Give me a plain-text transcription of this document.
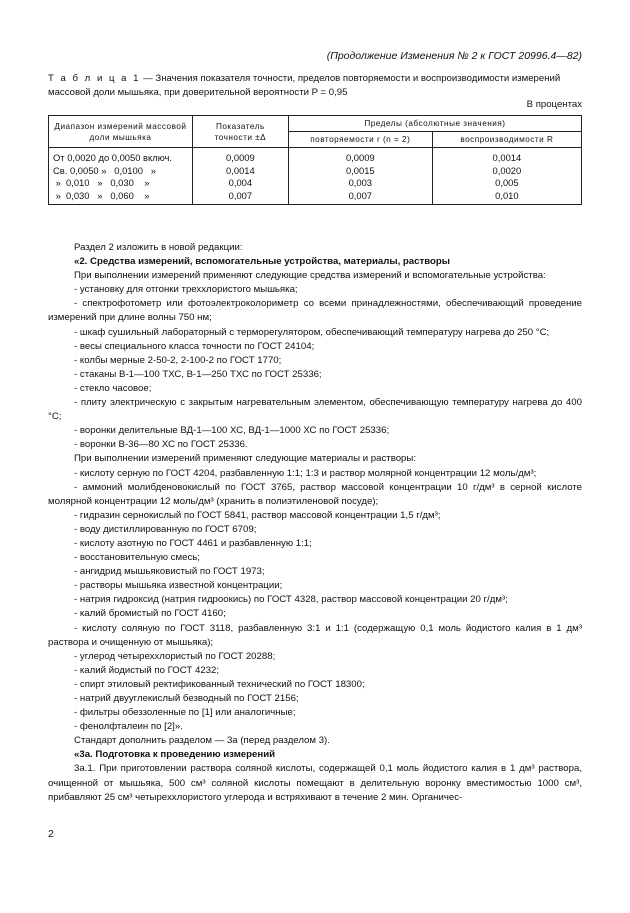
(Продолжение Изменения № 2 к ГОСТ 20996.4—82)
Т а б л и ц а 1 — Значения показателя точности, пределов повторяемости и воспроизводимости измерений массовой доли мышьяка, при доверительной вероятности P = 0,95
В процентах
Диапазон измерений массовой доли мышьяка	Показатель точности ±Δ	Пределы (абсолютные значения)	
		повторяемости r (n = 2)	воспроизводимости R
От 0,0020 до 0,0050 включ.	0,0009	0,0009	0,0014
Св. 0,0050 »   0,0100   »	0,0014	0,0015	0,0020
»  0,010   »   0,030    »	0,004	0,003	0,005
»  0,030   »   0,060    »	0,007	0,007	0,010

Раздел 2 изложить в новой редакции:

«2. Средства измерений, вспомогательные устройства, материалы, растворы

При выполнении измерений применяют следующие средства измерений и вспомогательные устройства:

- установку для отгонки треххлористого мышьяка;

- спектрофотометр или фотоэлектроколориметр со всеми принадлежностями, обеспечивающий проведение измерений при длине волны 750 нм;

- шкаф сушильный лабораторный с терморегулятором, обеспечивающий температуру нагрева до 250 °С;

- весы специального класса точности по ГОСТ 24104;

- колбы мерные 2-50-2, 2-100-2 по ГОСТ 1770;

- стаканы В-1—100 ТХС, В-1—250 ТХС по ГОСТ 25336;

- стекло часовое;

- плиту электрическую с закрытым нагревательным элементом, обеспечивающую температуру нагрева до 400 °С;

- воронки делительные ВД-1—100 ХС, ВД-1—1000 ХС по ГОСТ 25336;

- воронки В-36—80 ХС по ГОСТ 25336.

При выполнении измерений применяют следующие материалы и растворы:

- кислоту серную по ГОСТ 4204, разбавленную 1:1; 1:3 и раствор молярной концентрации 12 моль/дм³;

- аммоний молибденовокислый по ГОСТ 3765, раствор массовой концентрации 10 г/дм³ в серной кислоте молярной концентрации 12 моль/дм³ (хранить в полиэтиленовой посуде);

- гидразин сернокислый по ГОСТ 5841, раствор массовой концентрации 1,5 г/дм³;

- воду дистиллированную по ГОСТ 6709;

- кислоту азотную по ГОСТ 4461 и разбавленную 1:1;

- восстановительную смесь;

- ангидрид мышьяковистый по ГОСТ 1973;

- растворы мышьяка известной концентрации;

- натрия гидроксид (натрия гидроокись) по ГОСТ 4328, раствор массовой концентрации 20 г/дм³;

- калий бромистый по ГОСТ 4160;

- кислоту соляную по ГОСТ 3118, разбавленную 3:1 и 1:1 (содержащую 0,1 моль йодистого калия в 1 дм³ раствора и очищенную от мышьяка);

- углерод четыреххлористый по ГОСТ 20288;

- калий йодистый по ГОСТ 4232;

- спирт этиловый ректификованный технический по ГОСТ 18300;

- натрий двууглекислый безводный по ГОСТ 2156;

- фильтры обеззоленные по [1] или аналогичные;

- фенолфталеин по [2]».

Стандарт дополнить разделом — 3а (перед разделом 3).

«3а. Подготовка к проведению измерений

3а.1. При приготовлении раствора соляной кислоты, содержащей 0,1 моль йодистого калия в 1 дм³ раствора, очищенной от мышьяка, 500 см³ соляной кислоты помещают в делительную воронку вместимостью 1000 см³, прибавляют 25 см³ четыреххлористого углерода и встряхивают в течение 2 мин. Органичес-

2
